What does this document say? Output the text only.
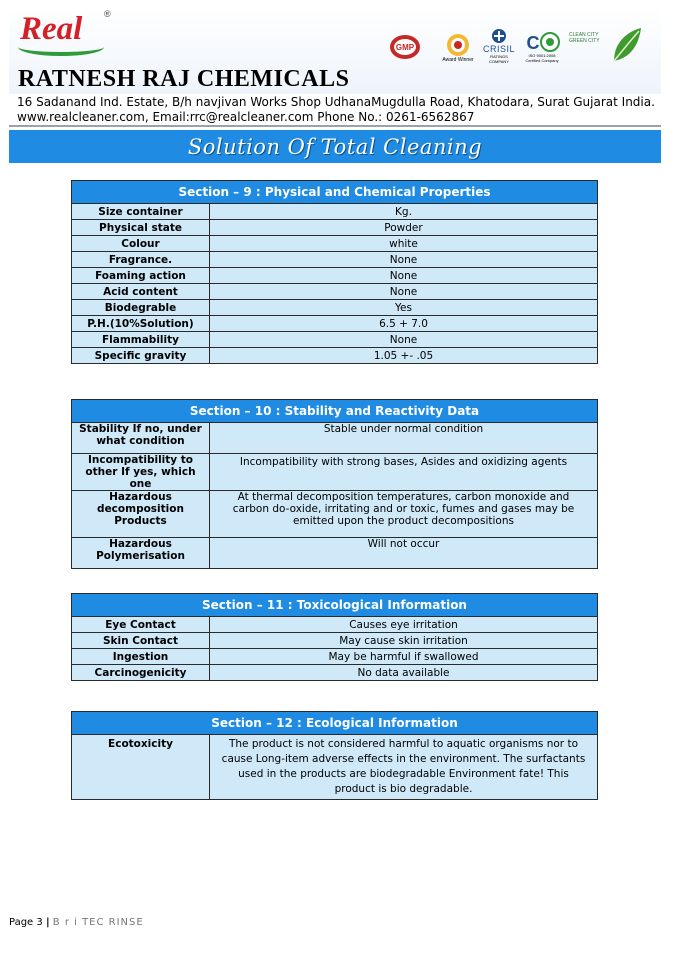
Real ®
RATNESH RAJ CHEMICALS
GMP
Award Winner
CRISIL
RATINGS COMPANY
C
ISO 9001:2008 Certified Company
CLEAN CITY GREEN CITY
16 Sadanand Ind. Estate, B/h navjivan Works Shop UdhanaMugdulla Road, Khatodara, Surat Gujarat India.
www.realcleaner.com, Email:rrc@realcleaner.com Phone No.: 0261-6562867
Solution Of Total Cleaning
Section – 9 : Physical and Chemical Properties	
Size container	Kg.
Physical state	Powder
Colour	white
Fragrance.	None
Foaming action	None
Acid content	None
Biodegrable	Yes
P.H.(10%Solution)	6.5 + 7.0
Flammability	None
Specific gravity	1.05 +- .05
Section – 10 : Stability and Reactivity Data	
Stability If no, under what condition	Stable under normal condition
Incompatibility to other If yes, which one	Incompatibility with strong bases, Asides and oxidizing agents
Hazardous decomposition Products	At thermal decomposition temperatures, carbon monoxide and carbon do-oxide, irritating and or toxic, fumes and gases may be emitted upon the product decompositions
Hazardous Polymerisation	Will not occur
Section – 11 : Toxicological Information	
Eye Contact	Causes eye irritation
Skin Contact	May cause skin irritation
Ingestion	May be harmful if swallowed
Carcinogenicity	No data available
Section – 12 : Ecological Information
Ecotoxicity	The product is not considered harmful to aquatic organisms nor to cause Long-item adverse effects in the environment. The surfactants used in the products are biodegradable Environment fate! This product is bio degradable.
Page 3 | B r i TEC RINSE
